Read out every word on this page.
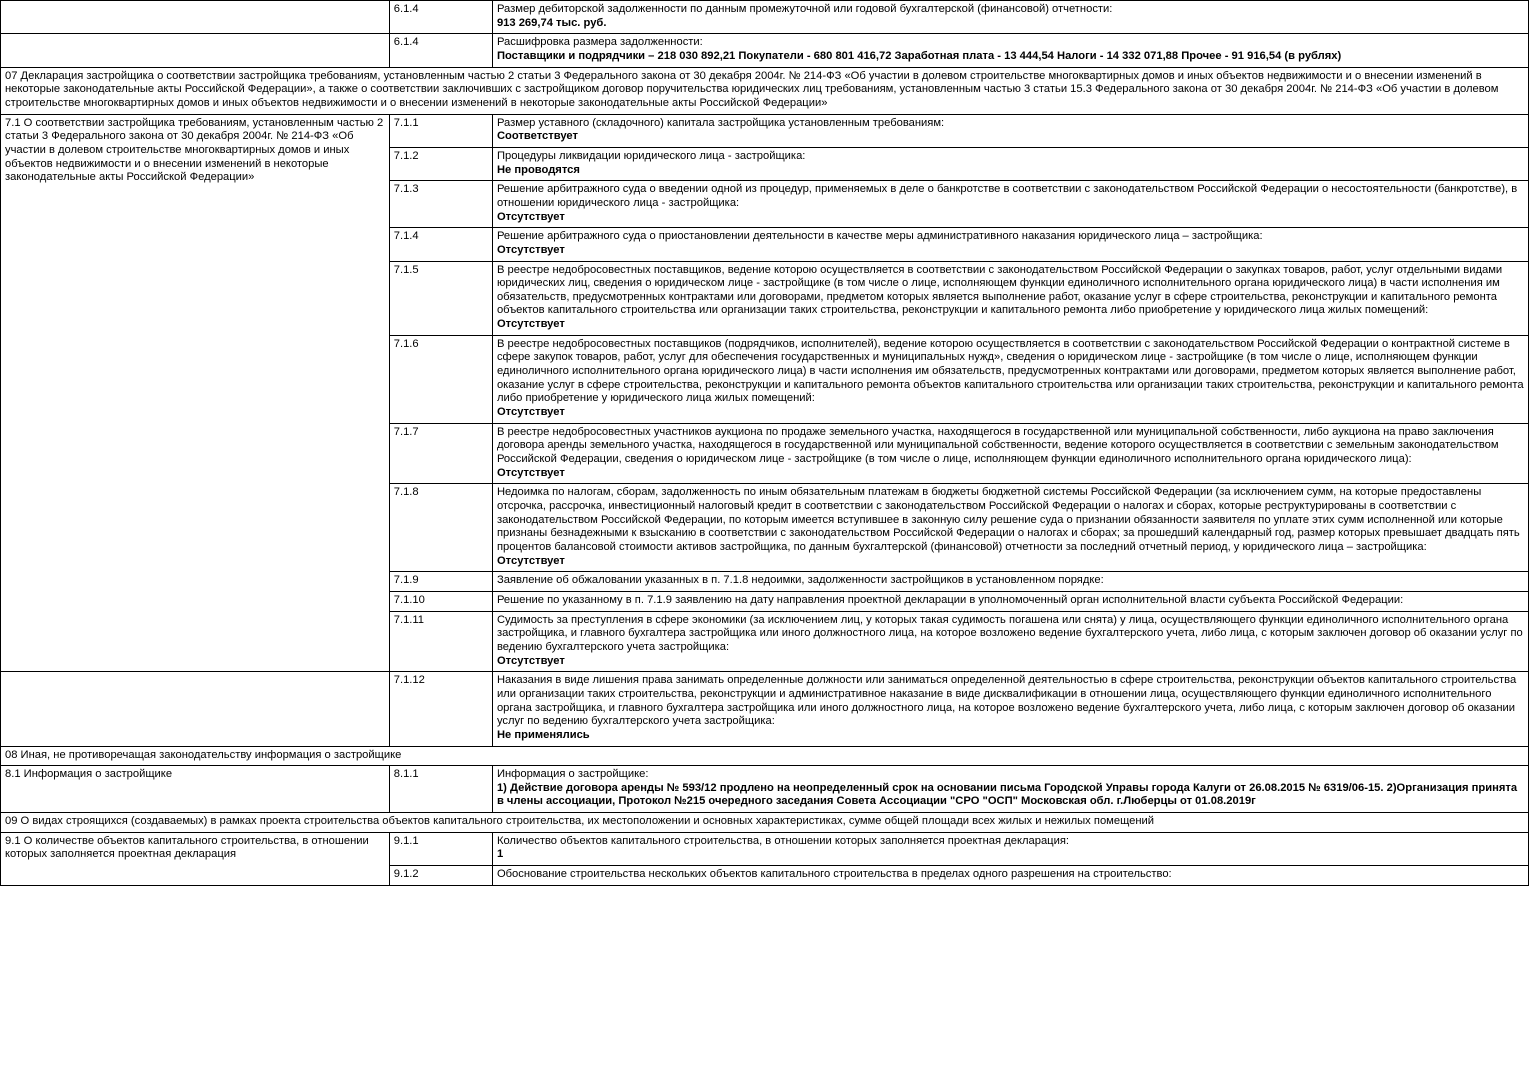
	6.1.4	Размер дебиторской задолженности по данным промежуточной или годовой бухгалтерской (финансовой) отчетности:
913 269,74 тыс. руб.

	6.1.4	Расшифровка размера задолженности:
Поставщики и подрядчики – 218 030 892,21 Покупатели - 680 801 416,72 Заработная плата - 13 444,54 Налоги - 14 332 071,88 Прочее - 91 916,54 (в рублях)

07 Декларация застройщика о соответствии застройщика требованиям, установленным частью 2 статьи 3 Федерального закона от 30 декабря 2004г. № 214-ФЗ «Об участии в долевом строительстве многоквартирных домов и иных объектов недвижимости и о внесении изменений в некоторые законодательные акты Российской Федерации», а также о соответствии заключивших с застройщиком договор поручительства юридических лиц требованиям, установленным частью 3 статьи 15.3 Федерального закона от 30 декабря 2004г. № 214-ФЗ «Об участии в долевом строительстве многоквартирных домов и иных объектов недвижимости и о внесении изменений в некоторые законодательные акты Российской Федерации»		
7.1 О соответствии застройщика требованиям, установленным частью 2 статьи 3 Федерального закона от 30 декабря 2004г. № 214-ФЗ «Об участии в долевом строительстве многоквартирных домов и иных объектов недвижимости и о внесении изменений в некоторые законодательные акты Российской Федерации»	7.1.1	Размер уставного (складочного) капитала застройщика установленным требованиям:
Соответствует

	7.1.2	Процедуры ликвидации юридического лица - застройщика:
Не проводятся

	7.1.3	Решение арбитражного суда о введении одной из процедур, применяемых в деле о банкротстве в соответствии с законодательством Российской Федерации о несостоятельности (банкротстве), в отношении юридического лица - застройщика:
Отсутствует

	7.1.4	Решение арбитражного суда о приостановлении деятельности в качестве меры административного наказания юридического лица – застройщика:
Отсутствует

	7.1.5	В реестре недобросовестных поставщиков, ведение которою осуществляется в соответствии с законодательством Российской Федерации о закупках товаров, работ, услуг отдельными видами юридических лиц, сведения о юридическом лице - застройщике (в том числе о лице, исполняющем функции единоличного исполнительного органа юридического лица) в части исполнения им обязательств, предусмотренных контрактами или договорами, предметом которых является выполнение работ, оказание услуг в сфере строительства, реконструкции и капитального ремонта объектов капитального строительства или организации таких строительства, реконструкции и капитального ремонта либо приобретение у юридического лица жилых помещений:
Отсутствует

	7.1.6	В реестре недобросовестных поставщиков (подрядчиков, исполнителей), ведение которою осуществляется в соответствии с законодательством Российской Федерации о контрактной системе в сфере закупок товаров, работ, услуг для обеспечения государственных и муниципальных нужд», сведения о юридическом лице - застройщике (в том числе о лице, исполняющем функции единоличного исполнительного органа юридического лица) в части исполнения им обязательств, предусмотренных контрактами или договорами, предметом которых является выполнение работ, оказание услуг в сфере строительства, реконструкции и капитального ремонта объектов капитального строительства или организации таких строительства, реконструкции и капитального ремонта либо приобретение у юридического лица жилых помещений:
Отсутствует

	7.1.7	В реестре недобросовестных участников аукциона по продаже земельного участка, находящегося в государственной или муниципальной собственности, либо аукциона на право заключения договора аренды земельного участка, находящегося в государственной или муниципальной собственности, ведение которого осуществляется в соответствии с земельным законодательством Российской Федерации, сведения о юридическом лице - застройщике (в том числе о лице, исполняющем функции единоличного исполнительного органа юридического лица):
Отсутствует

	7.1.8	Недоимка по налогам, сборам, задолженность по иным обязательным платежам в бюджеты бюджетной системы Российской Федерации (за исключением сумм, на которые предоставлены отсрочка, рассрочка, инвестиционный налоговый кредит в соответствии с законодательством Российской Федерации о налогах и сборах, которые реструктурированы в соответствии с законодательством Российской Федерации, по которым имеется вступившее в законную силу решение суда о признании обязанности заявителя по уплате этих сумм исполненной или которые признаны безнадежными к взысканию в соответствии с законодательством Российской Федерации о налогах и сборах; за прошедший календарный год, размер которых превышает двадцать пять процентов балансовой стоимости активов застройщика, по данным бухгалтерской (финансовой) отчетности за последний отчетный период, у юридического лица – застройщика:
Отсутствует

	7.1.9	Заявление об обжаловании указанных в п. 7.1.8 недоимки, задолженности застройщиков в установленном порядке:

	7.1.10	Решение по указанному в п. 7.1.9 заявлению на дату направления проектной декларации в уполномоченный орган исполнительной власти субъекта Российской Федерации:

	7.1.11	Судимость за преступления в сфере экономики (за исключением лиц, у которых такая судимость погашена или снята) у лица, осуществляющего функции единоличного исполнительного органа застройщика, и главного бухгалтера застройщика или иного должностного лица, на которое возложено ведение бухгалтерского учета, либо лица, с которым заключен договор об оказании услуг по ведению бухгалтерского учета застройщика:
Отсутствует

	7.1.12	Наказания в виде лишения права занимать определенные должности или заниматься определенной деятельностью в сфере строительства, реконструкции объектов капитального строительства или организации таких строительства, реконструкции и административное наказание в виде дисквалификации в отношении лица, осуществляющего функции единоличного исполнительного органа застройщика, и главного бухгалтера застройщика или иного должностного лица, на которое возложено ведение бухгалтерского учета, либо лица, с которым заключен договор об оказании услуг по ведению бухгалтерского учета застройщика:
Не применялись

08 Иная, не противоречащая законодательству информация о застройщике		
8.1 Информация о застройщике	8.1.1	Информация о застройщике:
1) Действие договора аренды № 593/12 продлено на неопределенный срок на основании письма Городской Управы города Калуги от 26.08.2015 № 6319/06-15. 2)Организация принята в члены ассоциации, Протокол №215 очередного заседания Совета Ассоциации "СРО "ОСП" Московская обл. г.Люберцы от 01.08.2019г

09 О видах строящихся (создаваемых) в рамках проекта строительства объектов капитального строительства, их местоположении и основных характеристиках, сумме общей площади всех жилых и нежилых помещений		
9.1 О количестве объектов капитального строительства, в отношении которых заполняется проектная декларация	9.1.1	Количество объектов капитального строительства, в отношении которых заполняется проектная декларация:
1

	9.1.2	Обоснование строительства нескольких объектов капитального строительства в пределах одного разрешения на строительство:
